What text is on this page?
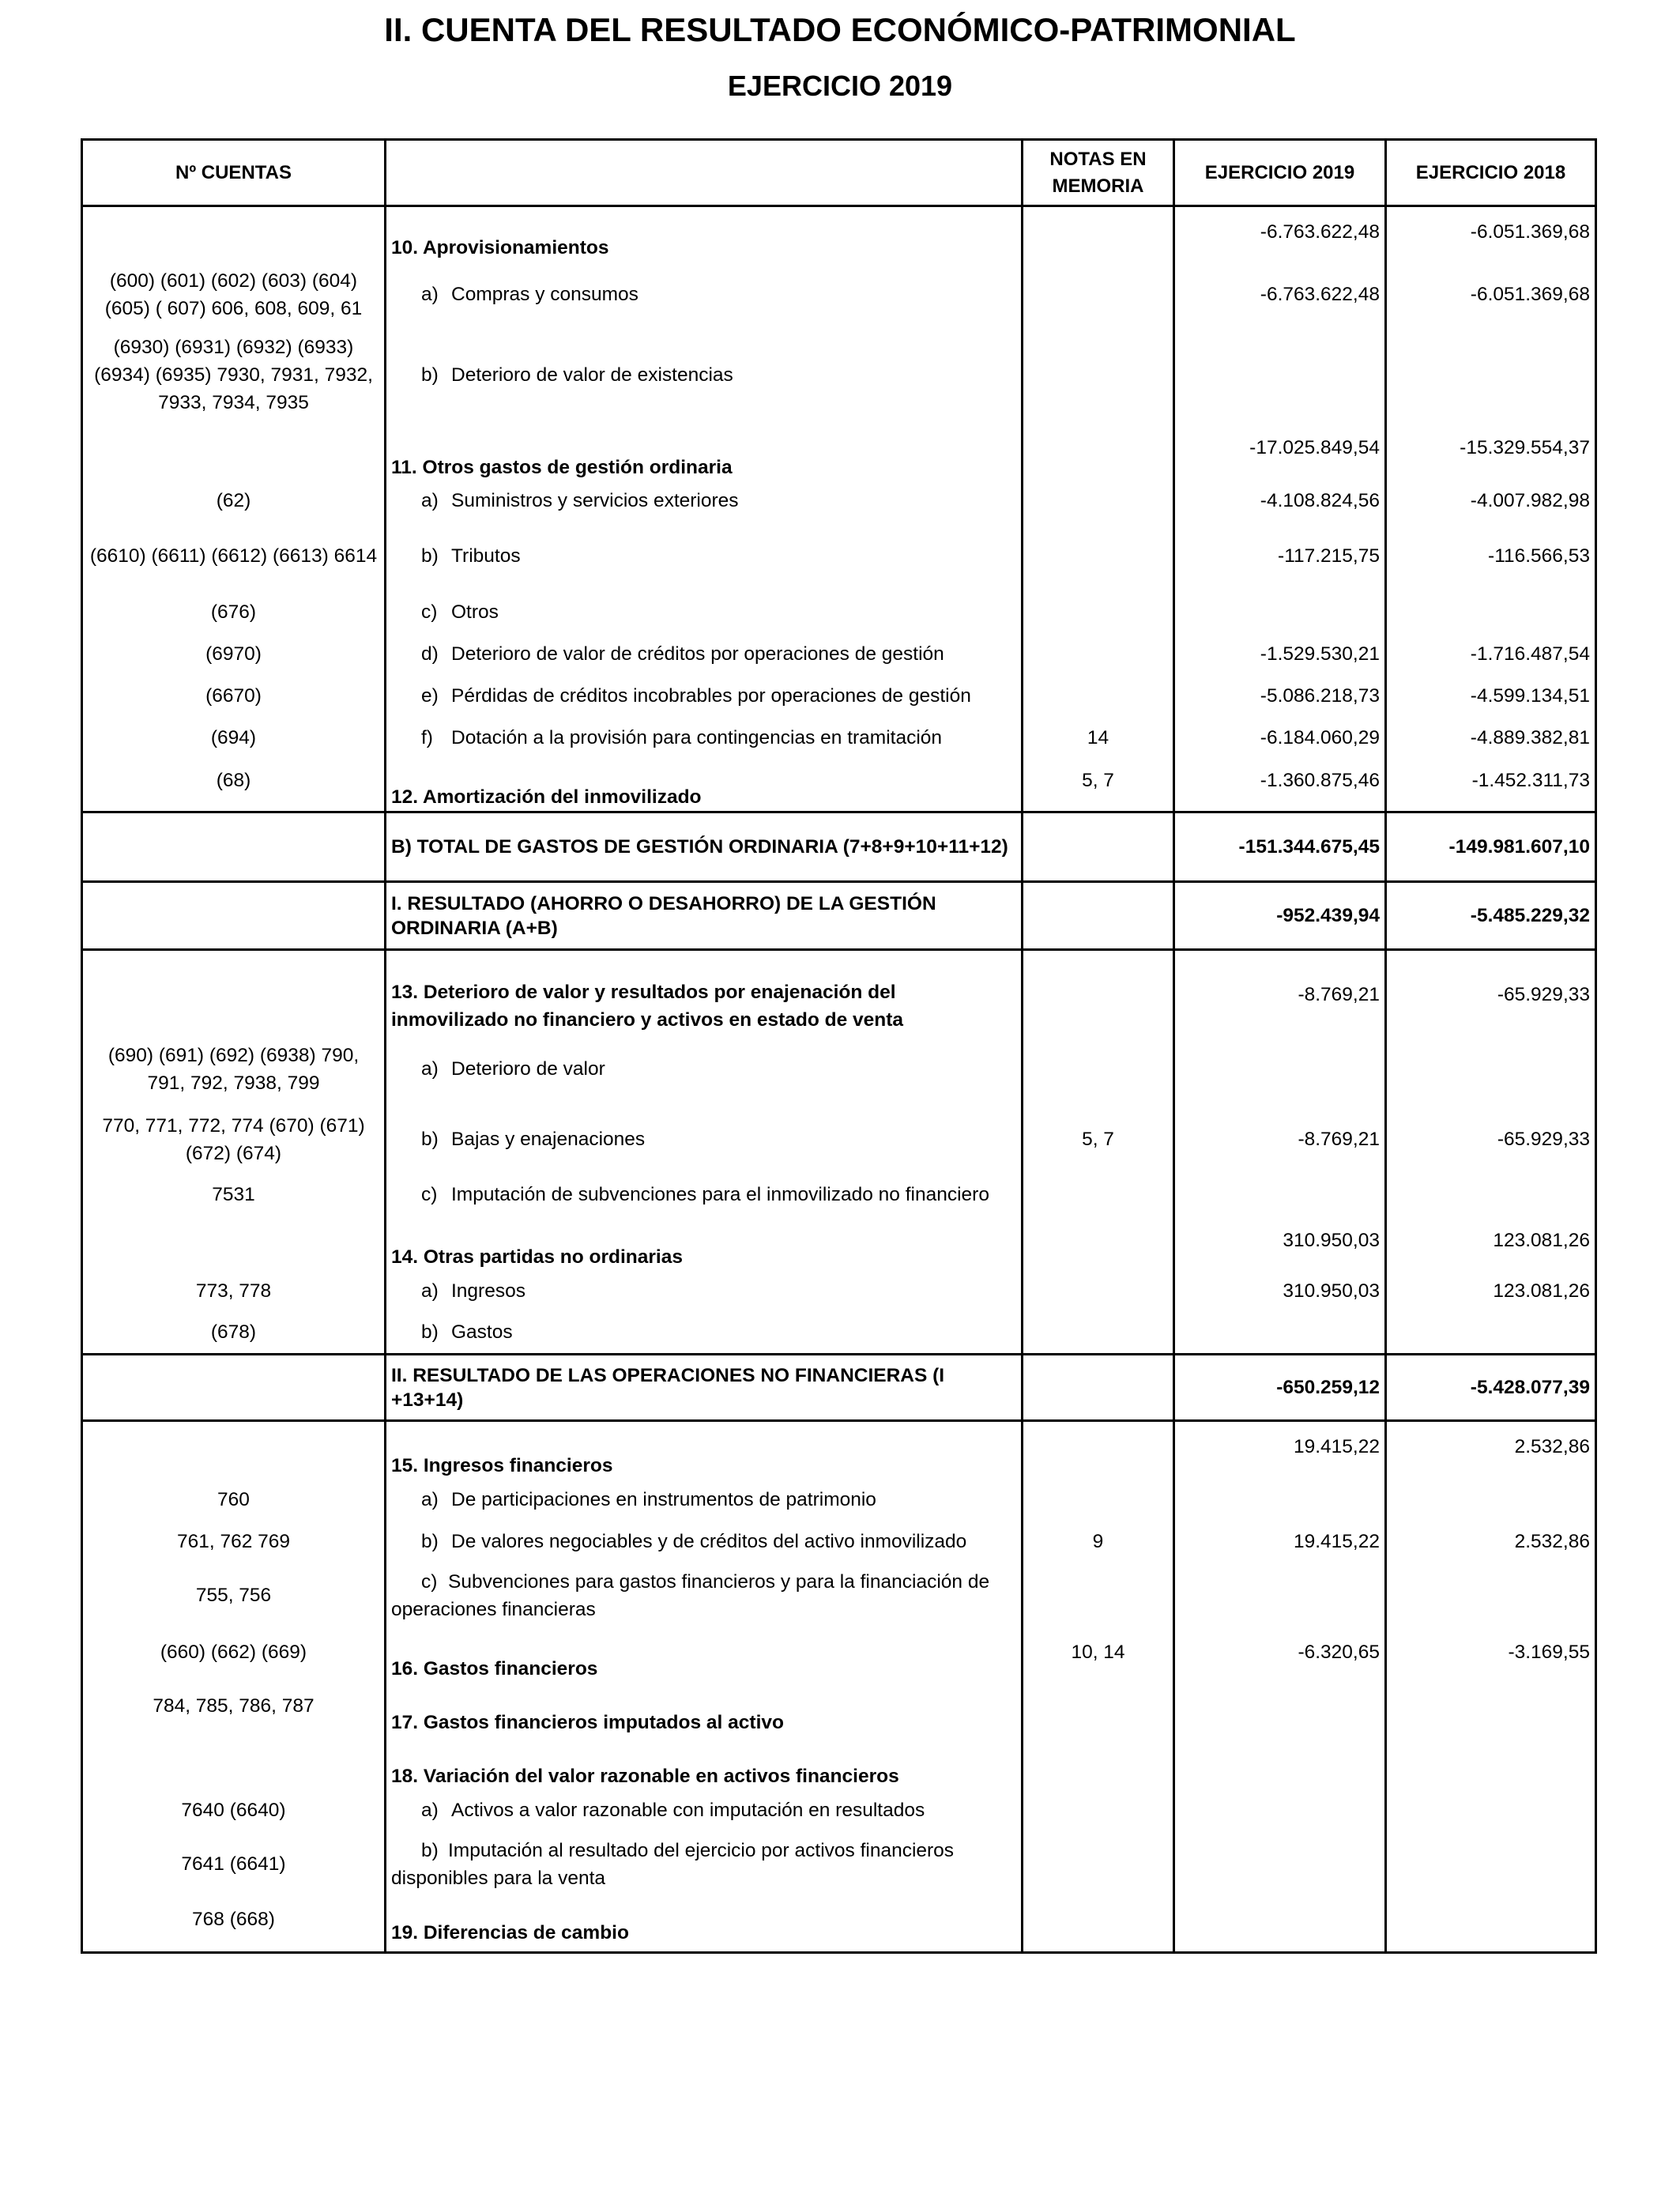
II. CUENTA DEL RESULTADO ECONÓMICO-PATRIMONIAL
EJERCICIO 2019
Nº CUENTAS		NOTAS EN MEMORIA	EJERCICIO 2019	EJERCICIO 2018
	10. Aprovisionamientos		-6.763.622,48	-6.051.369,68
(600) (601) (602) (603) (604) (605) ( 607) 606, 608, 609, 61	a) Compras y consumos		-6.763.622,48	-6.051.369,68
(6930) (6931) (6932) (6933) (6934) (6935) 7930, 7931, 7932, 7933, 7934, 7935	b) Deterioro de valor de existencias			

	11. Otros gastos de gestión ordinaria		-17.025.849,54	-15.329.554,37
(62)	a) Suministros y servicios exteriores		-4.108.824,56	-4.007.982,98
(6610) (6611) (6612) (6613) 6614	b) Tributos		-117.215,75	-116.566,53
(676)	c) Otros			

(6970)	d) Deterioro de valor de créditos por operaciones de gestión		-1.529.530,21	-1.716.487,54
(6670)	e) Pérdidas de créditos incobrables por operaciones de gestión		-5.086.218,73	-4.599.134,51
(694)	f) Dotación a la provisión para contingencias en tramitación	14	-6.184.060,29	-4.889.382,81
(68)	12. Amortización del inmovilizado	5, 7	-1.360.875,46	-1.452.311,73
	B) TOTAL DE GASTOS DE GESTIÓN ORDINARIA (7+8+9+10+11+12)		-151.344.675,45	-149.981.607,10
	I. RESULTADO (AHORRO O DESAHORRO) DE LA GESTIÓN ORDINARIA (A+B)		-952.439,94	-5.485.229,32
	13. Deterioro de valor y resultados por enajenación del inmovilizado no financiero y activos en estado de venta		-8.769,21	-65.929,33
(690) (691) (692) (6938) 790, 791, 792, 7938, 799	a) Deterioro de valor			

770, 771, 772, 774 (670) (671) (672) (674)	b) Bajas y enajenaciones	5, 7	-8.769,21	-65.929,33
7531	c) Imputación de subvenciones para el inmovilizado no financiero			

	14. Otras partidas no ordinarias		310.950,03	123.081,26
773, 778	a) Ingresos		310.950,03	123.081,26
(678)	b) Gastos			

	II. RESULTADO DE LAS OPERACIONES NO FINANCIERAS (I +13+14)		-650.259,12	-5.428.077,39
	15. Ingresos financieros		19.415,22	2.532,86
760	a) De participaciones en instrumentos de patrimonio			

761, 762 769	b) De valores negociables y de créditos del activo inmovilizado	9	19.415,22	2.532,86
755, 756	c) Subvenciones para gastos financieros y para la financiación de operaciones financieras			

(660) (662) (669)	16. Gastos financieros	10, 14	-6.320,65	-3.169,55
784, 785, 786, 787	17. Gastos financieros imputados al activo			
	18. Variación del valor razonable en activos financieros			
7640 (6640)	a) Activos a valor razonable con imputación en resultados			

7641 (6641)	b) Imputación al resultado del ejercicio por activos financieros disponibles para la venta			

768 (668)	19. Diferencias de cambio			
